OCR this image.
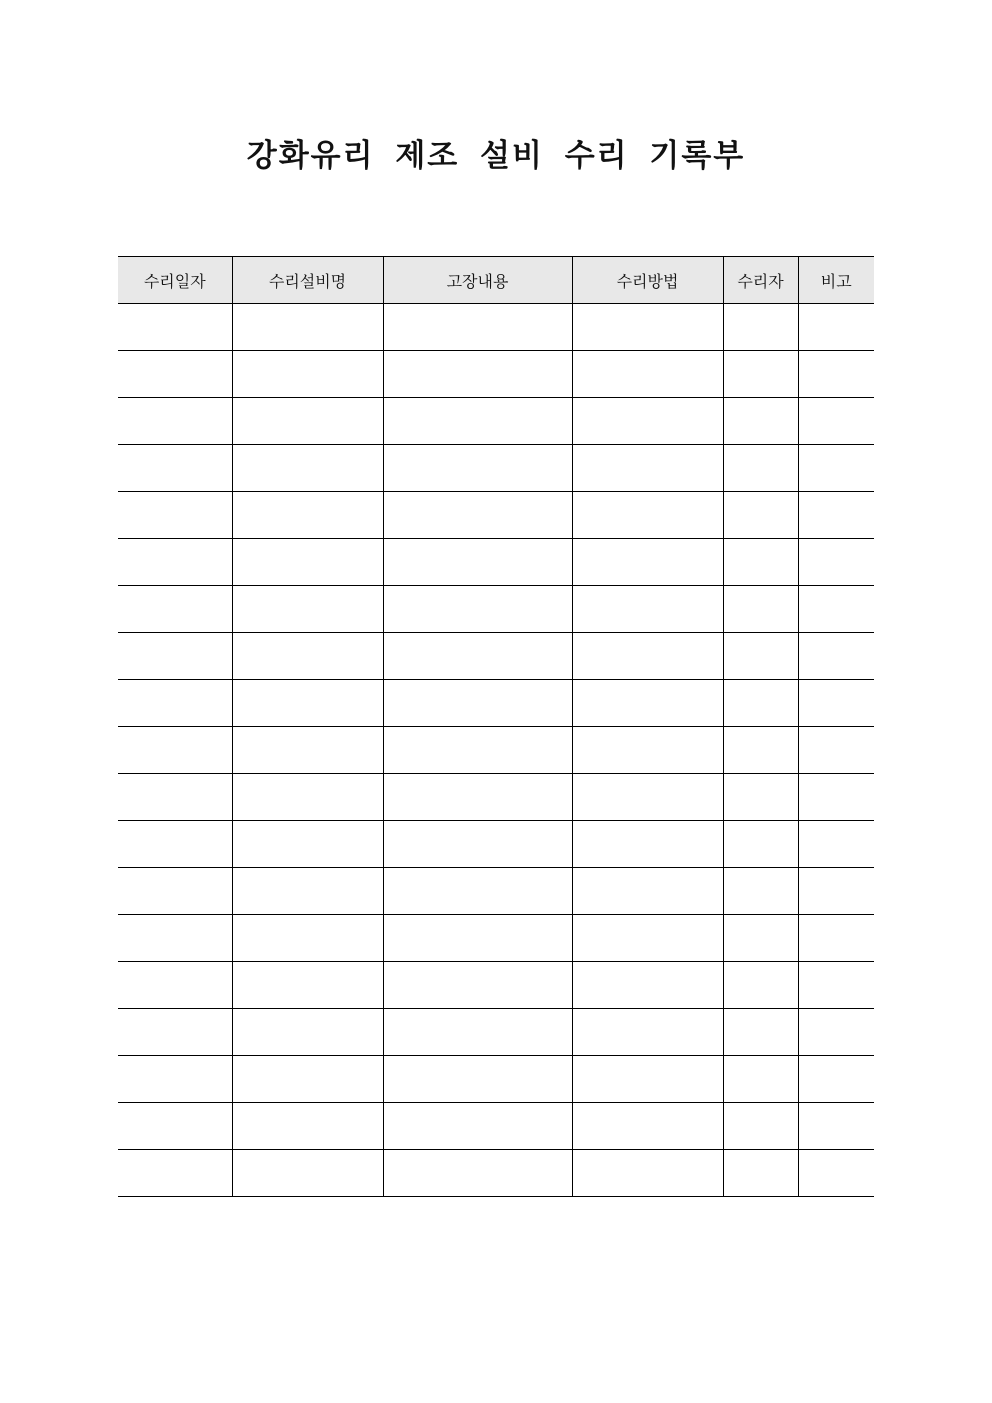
강화유리 제조 설비 수리 기록부
수리일자	수리설비명	고장내용	수리방법	수리자	비고
